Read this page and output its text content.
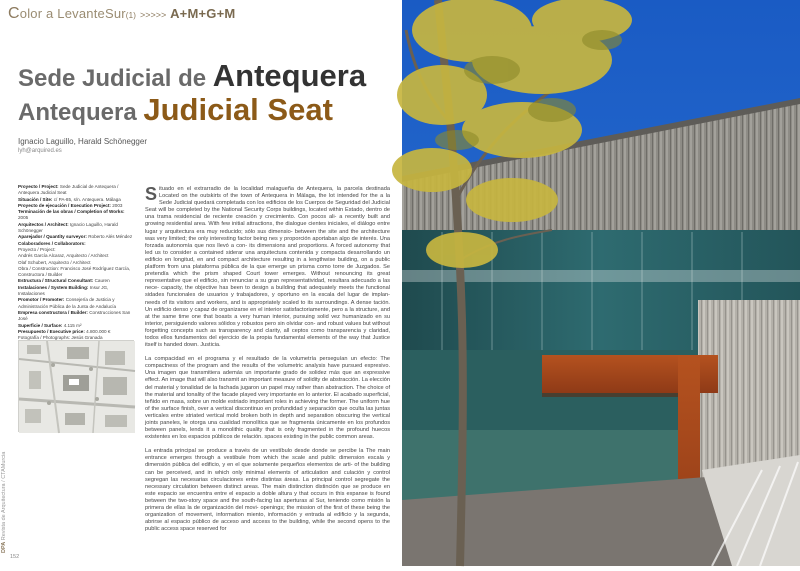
Color a LevanteSur(1) >>>>> A+M+G+M
Sede Judicial de Antequera
Antequera Judicial Seat
Ignacio Laguillo, Harald Schönegger
lyh@arquired.es

Proyecto / Project: Sede Judicial de Antequera / Antequera Judicial Seat

Situación / Site: c/ PA-85, s/n. Antequera. Málaga

Proyecto de ejecución / Execution Project: 2003

Terminación de las obras / Completion of Works: 2005

Arquitectos / Architect: Ignacio Laguillo, Harald Schönegger

Aparejador / Quantity surveyor: Roberto Alés Méndez

Colaboradores / Collaborators:

Proyecto / Project:

Andrés García Alcaraz, Arquitecto / Architect

Olaf Schubert, Arquitecto / Architect

Obra / Construction: Francisco José Rodríguez García, Constructora / Builder

Estructura / Structural Consultant: Cauren

Instalaciones / System Building: Insur JG, Instalaciones

Promotor / Promoter: Consejería de Justicia y Administración Pública de la Junta de Andalucía

Empresa constructora / Builder: Construcciones San José

Superficie / Surface: 4.115 m²

Presupuesto / Executive price: 4.800.000 €

Fotografía / Photographs: Jesús Granada

Situado en el extrarradio de la localidad malagueña de Antequera, la parcela destinada Located on the outskirts of the town of Antequera in Málaga, the lot intended for the a la Sede Judicial quedará completada con los edificios de los Cuerpos de Seguridad del Judicial Seat will be completed by the National Security Corps buildings, located within Estado, dentro de una trama residencial de reciente creación y crecimiento. Con pocos ali- a recently built and growing residential area. With few initial attractions, the dialogue cientes iniciales, el diálogo entre lugar y arquitectura era muy reducido; sólo sus dimensio- between the site and the architecture was very limited; the only interesting factor being nes y proporción aportaban algo de interés. Una forzada autonomía que nos llevó a con- its dimensions and proportions. A forced autonomy that led us to consider a contained siderar una arquitectura contenida y compacta desarrollando un edificio en longitud, en and compact architecture resulting in a lengthwise building, on a public platform from una plataforma pública de la que emerge un prisma como torre de Juzgados. Se pretendía which the prism shaped Court tower emerges. Without renouncing its great representative que el edificio, sin renunciar a su gran representatividad, resultara adecuado a las nece- capacity, the objective has been to design a building that adequately meets the functional sidades funcionales de usuarios y trabajadores, y oportuno en la escala del lugar de implan- needs of its visitors and workers, and is appropriately scaled to its surroundings. A dense tación. Un edificio denso y capaz de organizarse en el interior satisfactoriamente, pero a la structure, and at the same time one that boasts a very human interior, pursuing solid vez humanizado en su interior, persiguiendo valores sólidos y robustos pero sin olvidar con- and robust values but without forgetting concepts such as transparency and clarity, all ceptos como transparencia y claridad, todos ellos fundamentos del ejercicio de la propia fundamental elements of the way that Justice itself is handed down. Justicia.

La compacidad en el programa y el resultado de la volumetría perseguían un efecto: The compactness of the program and the results of the volumetric analysis have pursued expresivo. Una imagen que transmitiera además un importante grado de solidez más que an expressive effect. An image that will also transmit an important measure of solidity de abstracción. La elección del material y tonalidad de la fachada jugaron un papel muy rather than abstraction. The choice of the material and tonality of the facade played very importante en lo anterior. El acabado superficial, teñido en masa, sobre un molde estriado important roles in achieving the former. The uniform hue of the surface finish, over a vertical discontinuo en profundidad y separación que oculta las juntas verticales entre striated vertical mold broken both in depth and separation obscuring the vertical joints paneles, le otorga una cualidad monolítica que se fragmenta únicamente en los profundos between panels, lends it a monolithic quality that is only fragmented in the profound huecos existentes en los espacios públicos de relación. spaces existing in the public common areas.

La entrada principal se produce a través de un vestíbulo desde donde se percibe la The main entrance emerges through a vestibule from which the scale and public dimension escala y dimensión pública del edificio, y en el que solamente pequeños elementos de arti- of the building can be perceived, and in which only minimal elements of articulation and culación y control segregan las necesarias circulaciones entre distintas áreas. La principal control segregate the necessary circulation between distinct areas. The main distinction distinción que se produce en este espacio se encuentra entre el espacio a doble altura y that occurs in this expanse is found between the two-story space and the south-facing las aperturas al Sur, teniendo como misión la primera de ellas la de organización del movi- openings; the mission of the first of these being the organization of movement, information miento, información y entrada al edificio y la segunda, abrirse al espacio público de acceso and access to the building, while the second opens to the public access space reserved for

152
DPA Revista de Arquitectura / CTAMurcia
